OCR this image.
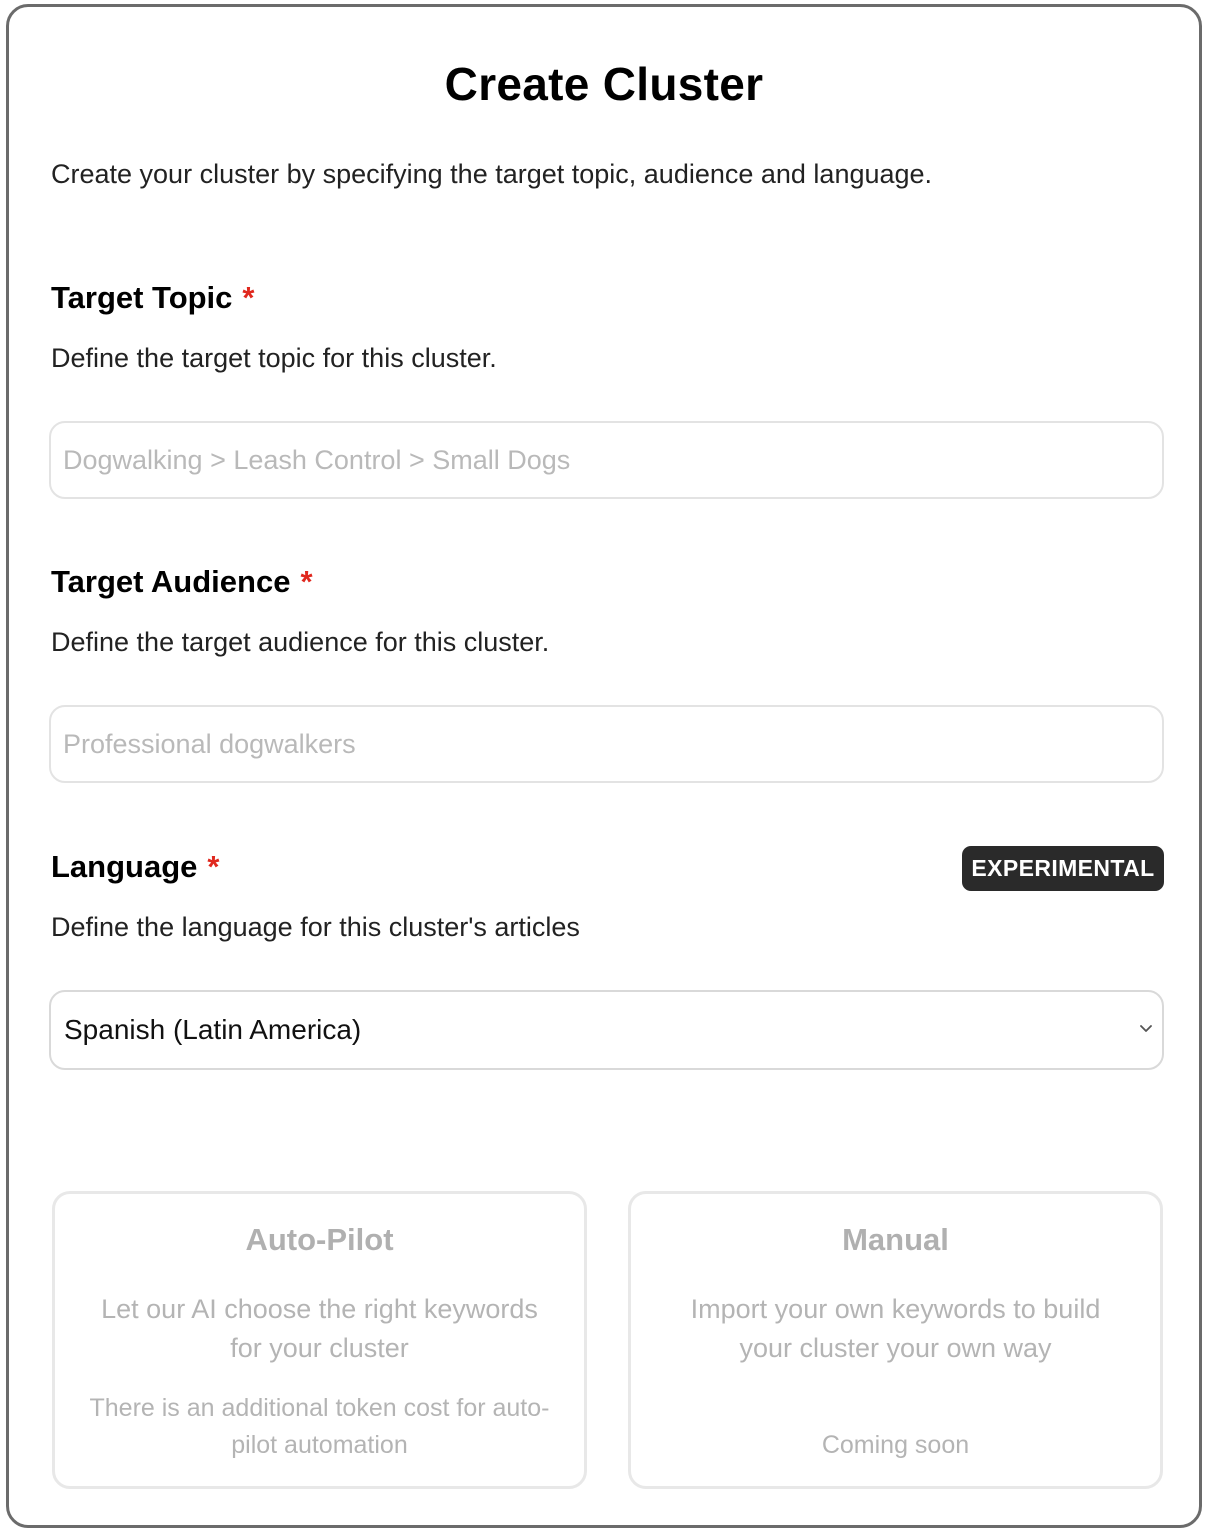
Create Cluster
Create your cluster by specifying the target topic, audience and language.
Target Topic *
Define the target topic for this cluster.
Dogwalking > Leash Control > Small Dogs
Target Audience *
Define the target audience for this cluster.
Professional dogwalkers
Language *	EXPERIMENTAL
Define the language for this cluster's articles
Spanish (Latin America)
Auto-Pilot
Let our AI choose the right keywords for your cluster
There is an additional token cost for auto-pilot automation
Manual
Import your own keywords to build your cluster your own way
Coming soon
